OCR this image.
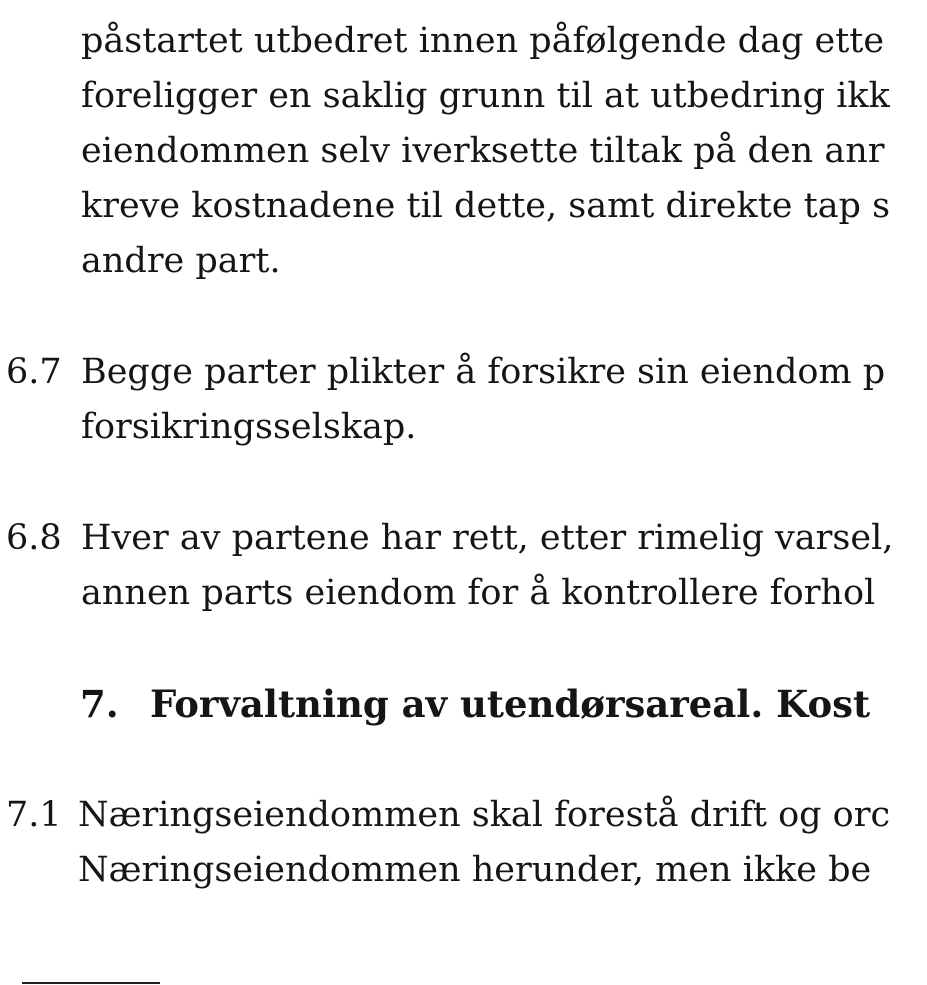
påstartet utbedret innen påfølgende dag ette
foreligger en saklig grunn til at utbedring ikk
eiendommen selv iverksette tiltak på den anr
kreve kostnadene til dette, samt direkte tap s
andre part.
6.7 Begge parter plikter å forsikre sin eiendom p
forsikringsselskap.
6.8 Hver av partene har rett, etter rimelig varsel,
annen parts eiendom for å kontrollere forhol
7. Forvaltning av utendørsareal. Kost
7.1 Næringseiendommen skal forestå drift og orc
Næringseiendommen herunder, men ikke be
